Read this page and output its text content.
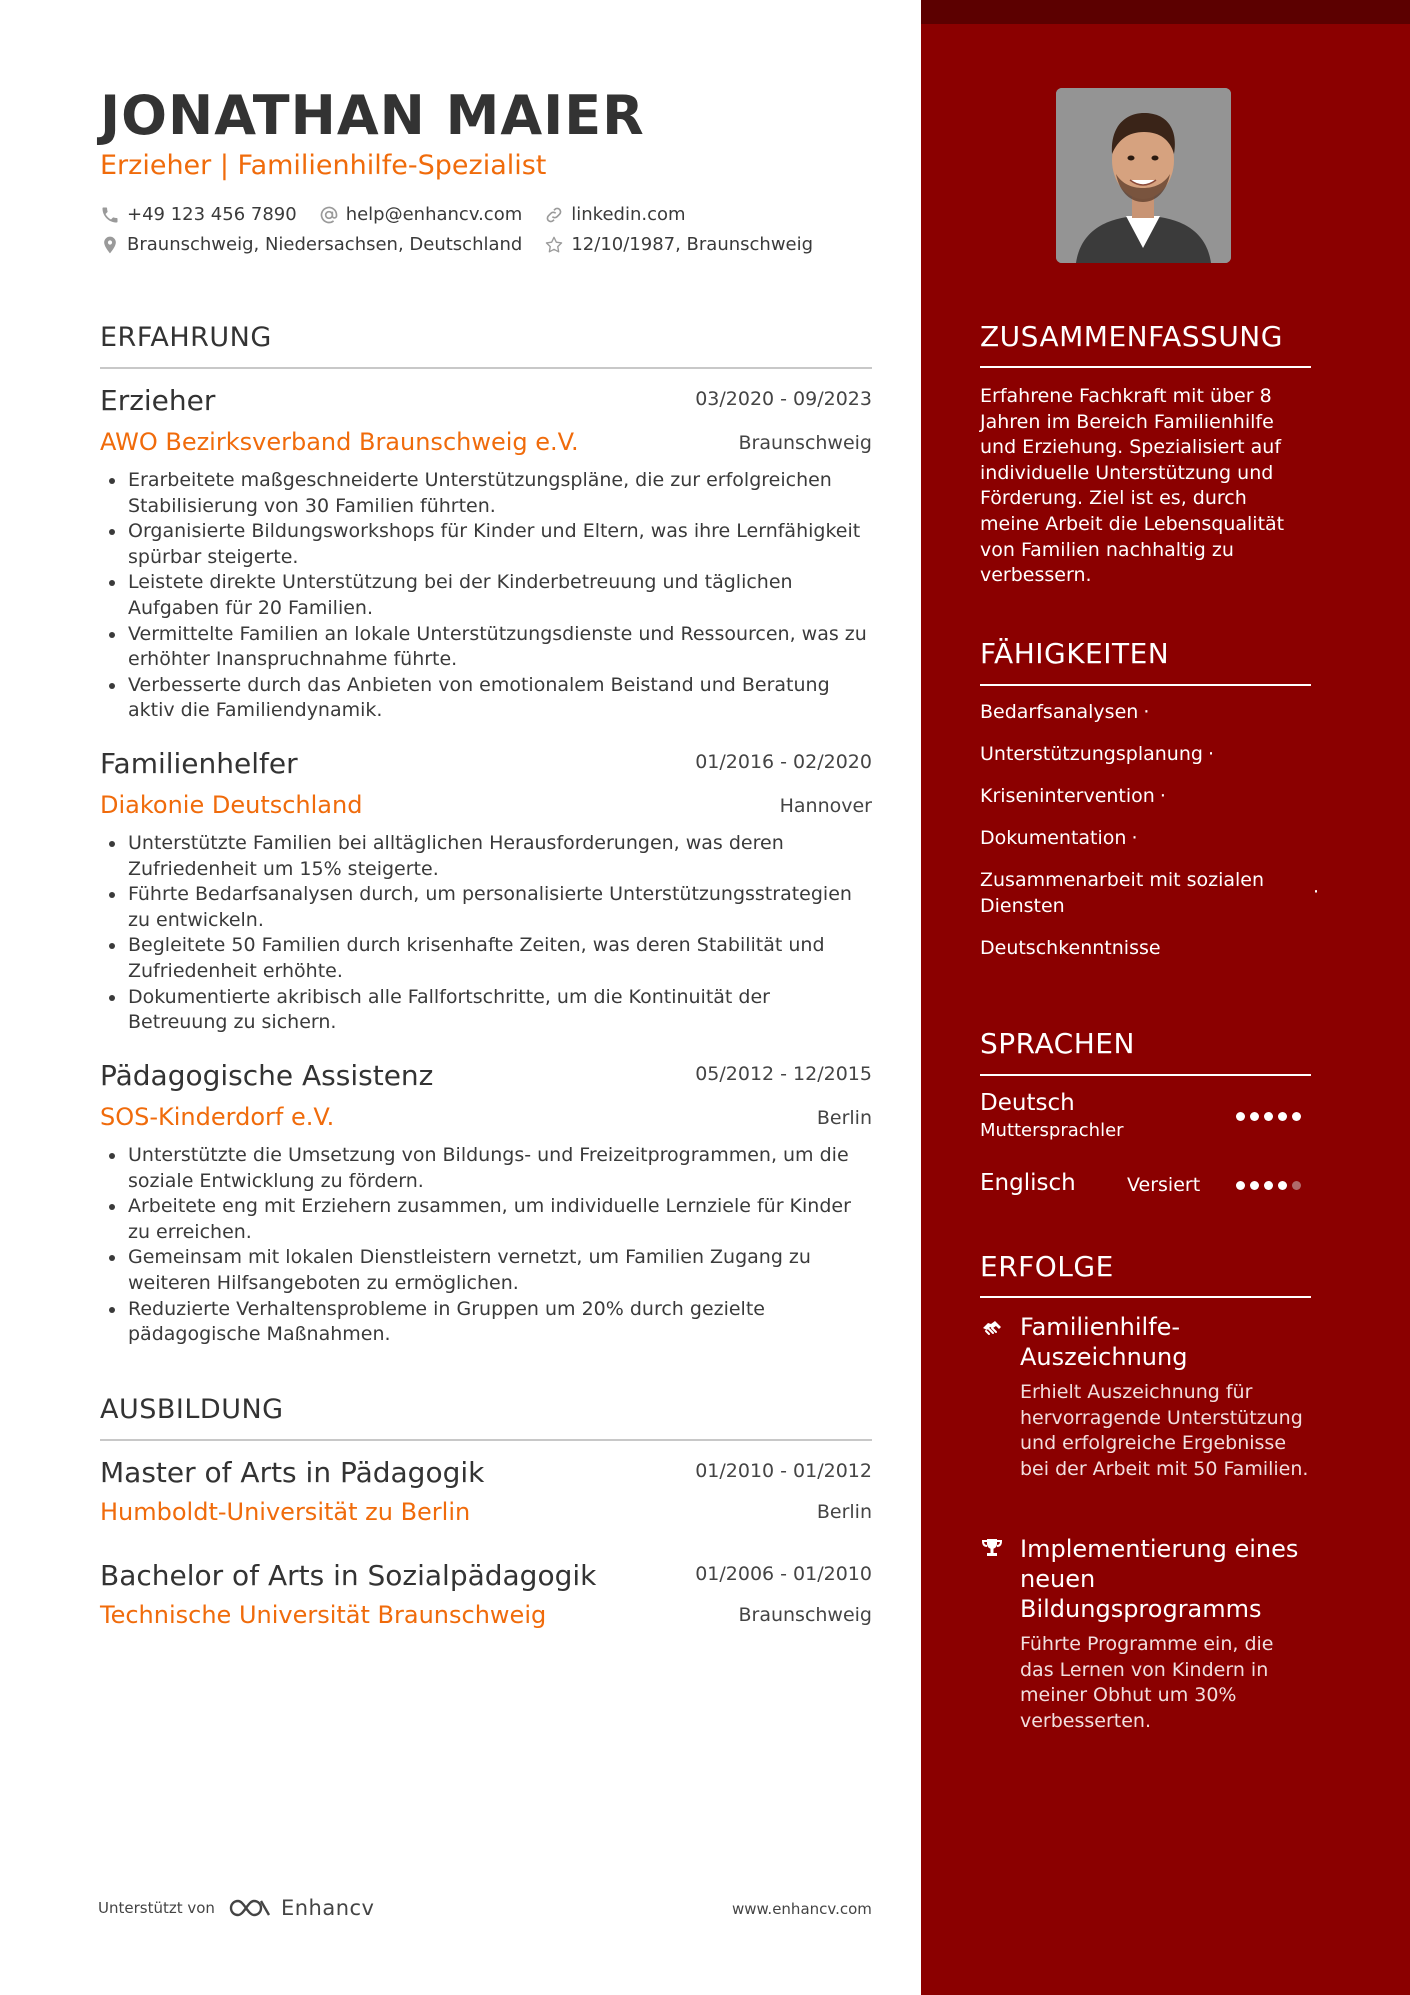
JONATHAN MAIER
Erzieher | Familienhilfe-Spezialist
+49 123 456 7890	help@enhancv.com	linkedin.com
Braunschweig, Niedersachsen, Deutschland	12/10/1987, Braunschweig
ERFAHRUNG
Erzieher	03/2020 - 09/2023
AWO Bezirksverband Braunschweig e.V.	Braunschweig
Erarbeitete maßgeschneiderte Unterstützungspläne, die zur erfolgreichen Stabilisierung von 30 Familien führten.
Organisierte Bildungsworkshops für Kinder und Eltern, was ihre Lernfähigkeit spürbar steigerte.
Leistete direkte Unterstützung bei der Kinderbetreuung und täglichen Aufgaben für 20 Familien.
Vermittelte Familien an lokale Unterstützungsdienste und Ressourcen, was zu erhöhter Inanspruchnahme führte.
Verbesserte durch das Anbieten von emotionalem Beistand und Beratung aktiv die Familiendynamik.
Familienhelfer	01/2016 - 02/2020
Diakonie Deutschland	Hannover
Unterstützte Familien bei alltäglichen Herausforderungen, was deren Zufriedenheit um 15% steigerte.
Führte Bedarfsanalysen durch, um personalisierte Unterstützungsstrategien zu entwickeln.
Begleitete 50 Familien durch krisenhafte Zeiten, was deren Stabilität und Zufriedenheit erhöhte.
Dokumentierte akribisch alle Fallfortschritte, um die Kontinuität der Betreuung zu sichern.
Pädagogische Assistenz	05/2012 - 12/2015
SOS-Kinderdorf e.V.	Berlin
Unterstützte die Umsetzung von Bildungs- und Freizeitprogrammen, um die soziale Entwicklung zu fördern.
Arbeitete eng mit Erziehern zusammen, um individuelle Lernziele für Kinder zu erreichen.
Gemeinsam mit lokalen Dienstleistern vernetzt, um Familien Zugang zu weiteren Hilfsangeboten zu ermöglichen.
Reduzierte Verhaltensprobleme in Gruppen um 20% durch gezielte pädagogische Maßnahmen.
AUSBILDUNG
Master of Arts in Pädagogik	01/2010 - 01/2012
Humboldt-Universität zu Berlin	Berlin
Bachelor of Arts in Sozialpädagogik	01/2006 - 01/2010
Technische Universität Braunschweig	Braunschweig
Unterstützt von	Enhancv	www.enhancv.com
ZUSAMMENFASSUNG
Erfahrene Fachkraft mit über 8 Jahren im Bereich Familienhilfe und Erziehung. Spezialisiert auf individuelle Unterstützung und Förderung. Ziel ist es, durch meine Arbeit die Lebensqualität von Familien nachhaltig zu verbessern.
FÄHIGKEITEN
Bedarfsanalysen ·
Unterstützungsplanung ·
Krisenintervention ·
Dokumentation ·
Zusammenarbeit mit sozialen Diensten
·
Deutschkenntnisse
SPRACHEN
Deutsch
Muttersprachler
Englisch	Versiert
ERFOLGE
Familienhilfe-Auszeichnung
Erhielt Auszeichnung für hervorragende Unterstützung und erfolgreiche Ergebnisse bei der Arbeit mit 50 Familien.
Implementierung eines neuen Bildungsprogramms
Führte Programme ein, die das Lernen von Kindern in meiner Obhut um 30% verbesserten.
